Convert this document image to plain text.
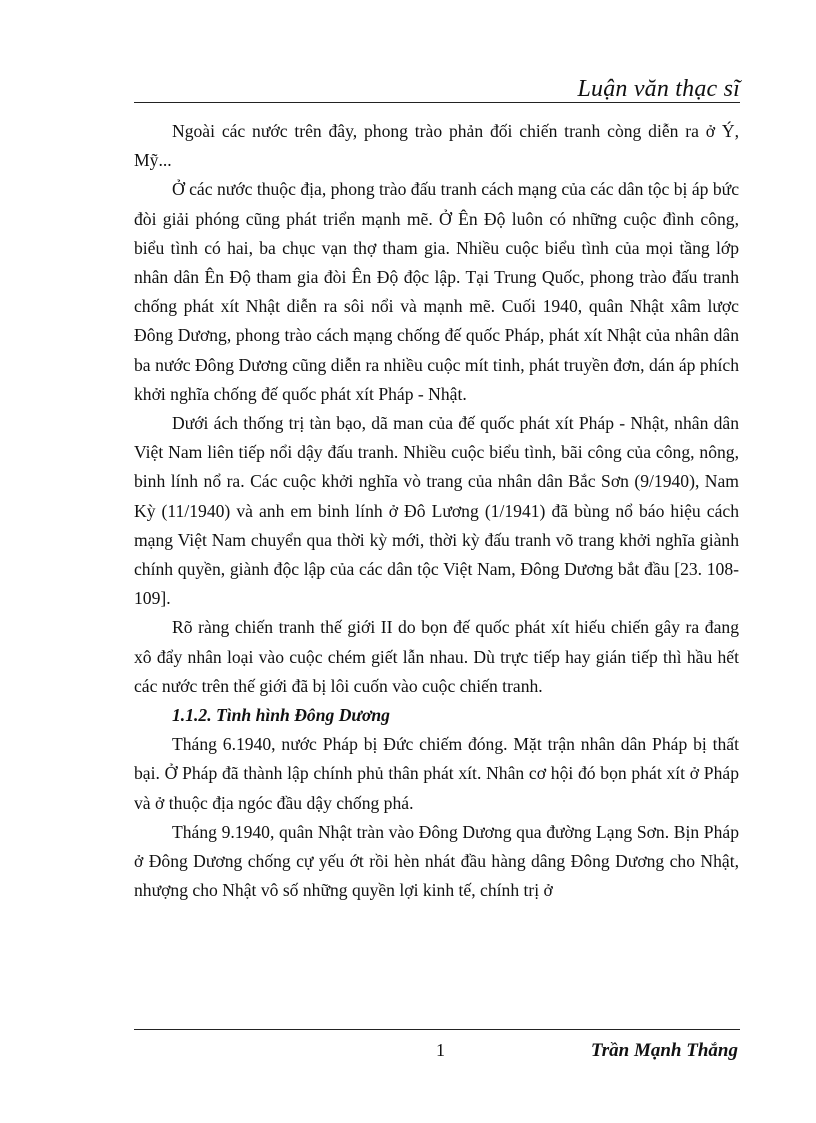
Luận văn thạc sĩ

Ngoài các nước trên đây, phong trào phản đối chiến tranh còng diễn ra ở Ý, Mỹ...

Ở các nước thuộc địa, phong trào đấu tranh cách mạng của các dân tộc bị áp bức đòi giải phóng cũng phát triển mạnh mẽ. Ở Ên Độ luôn có những cuộc đình công, biểu tình có hai, ba chục vạn thợ tham gia. Nhiều cuộc biểu tình của mọi tầng lớp nhân dân Ên Độ tham gia đòi Ên Độ độc lập. Tại Trung Quốc, phong trào đấu tranh chống phát xít Nhật diễn ra sôi nổi và mạnh mẽ. Cuối 1940, quân Nhật xâm lược Đông Dương, phong trào cách mạng chống đế quốc Pháp, phát xít Nhật của nhân dân ba nước Đông Dương cũng diễn ra nhiều cuộc mít tinh, phát truyền đơn, dán áp phích khởi nghĩa chống đế quốc phát xít Pháp - Nhật.

Dưới ách thống trị tàn bạo, dã man của đế quốc phát xít Pháp - Nhật, nhân dân Việt Nam liên tiếp nổi dậy đấu tranh. Nhiều cuộc biểu tình, bãi công của công, nông, binh lính nổ ra. Các cuộc khởi nghĩa vò trang của nhân dân Bắc Sơn (9/1940), Nam Kỳ (11/1940) và anh em binh lính ở Đô Lương (1/1941) đã bùng nổ báo hiệu cách mạng Việt Nam chuyển qua thời kỳ mới, thời kỳ đấu tranh võ trang khởi nghĩa giành chính quyền, giành độc lập của các dân tộc Việt Nam, Đông Dương bắt đầu [23. 108-109].

Rõ ràng chiến tranh thế giới II do bọn đế quốc phát xít hiếu chiến gây ra đang xô đẩy nhân loại vào cuộc chém giết lẫn nhau. Dù trực tiếp hay gián tiếp thì hầu hết các nước trên thế giới đã bị lôi cuốn vào cuộc chiến tranh.

1.1.2. Tình hình Đông Dương

Tháng 6.1940, nước Pháp bị Đức chiếm đóng. Mặt trận nhân dân Pháp bị thất bại. Ở Pháp đã thành lập chính phủ thân phát xít. Nhân cơ hội đó bọn phát xít ở Pháp và ở thuộc địa ngóc đầu dậy chống phá.

Tháng 9.1940, quân Nhật tràn vào Đông Dương qua đường Lạng Sơn. Bịn Pháp ở Đông Dương chống cự yếu ớt rồi hèn nhát đầu hàng dâng Đông Dương cho Nhật, nhượng cho Nhật vô số những quyền lợi kinh tế, chính trị ở

1	Trần Mạnh Thắng
